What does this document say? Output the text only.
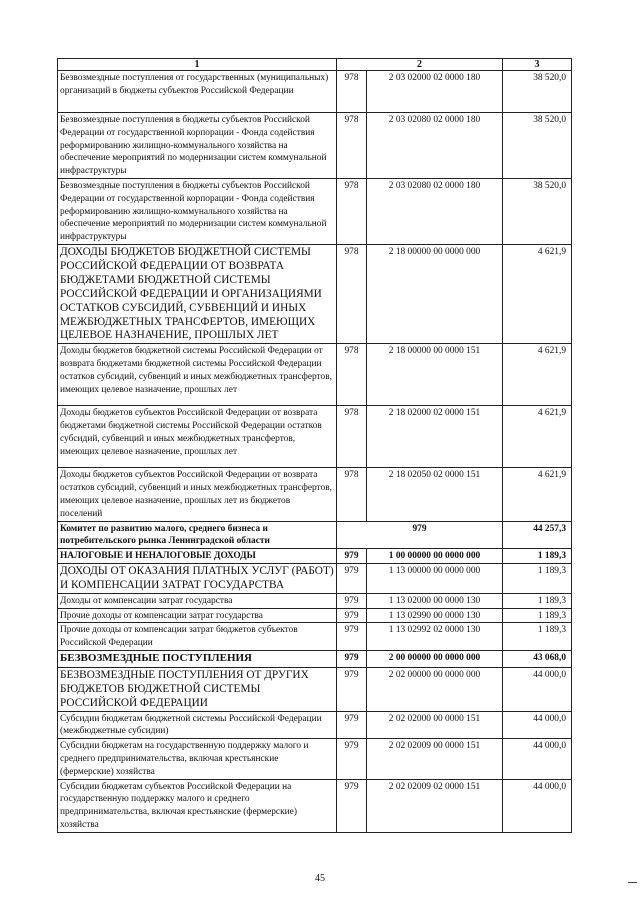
1	2		3
Безвозмездные поступления от государственных (муниципальных) организаций в бюджеты субъектов Российской Федерации	978	2 03 02000 02 0000 180	38 520,0
Безвозмездные поступления в бюджеты субъектов Российской Федерации от государственной корпорации - Фонда содействия реформированию жилищно-коммунального хозяйства на обеспечение мероприятий по модернизации систем коммунальной инфраструктуры	978	2 03 02080 02 0000 180	38 520,0
Безвозмездные поступления в бюджеты субъектов Российской Федерации от государственной корпорации - Фонда содействия реформированию жилищно-коммунального хозяйства на обеспечение мероприятий по модернизации систем коммунальной инфраструктуры	978	2 03 02080 02 0000 180	38 520,0
ДОХОДЫ БЮДЖЕТОВ БЮДЖЕТНОЙ СИСТЕМЫ РОССИЙСКОЙ ФЕДЕРАЦИИ ОТ ВОЗВРАТА БЮДЖЕТАМИ БЮДЖЕТНОЙ СИСТЕМЫ РОССИЙСКОЙ ФЕДЕРАЦИИ И ОРГАНИЗАЦИЯМИ ОСТАТКОВ СУБСИДИЙ, СУБВЕНЦИЙ И ИНЫХ МЕЖБЮДЖЕТНЫХ ТРАНСФЕРТОВ, ИМЕЮЩИХ ЦЕЛЕВОЕ НАЗНАЧЕНИЕ, ПРОШЛЫХ ЛЕТ	978	2 18 00000 00 0000 000	4 621,9
Доходы бюджетов бюджетной системы Российской Федерации от возврата бюджетами бюджетной системы Российской Федерации остатков субсидий, субвенций и иных межбюджетных трансфертов, имеющих целевое назначение, прошлых лет	978	2 18 00000 00 0000 151	4 621,9
Доходы бюджетов субъектов Российской Федерации от возврата бюджетами бюджетной системы Российской Федерации остатков субсидий, субвенций и иных межбюджетных трансфертов, имеющих целевое назначение, прошлых лет	978	2 18 02000 02 0000 151	4 621,9
Доходы бюджетов субъектов Российской Федерации от возврата остатков субсидий, субвенций и иных межбюджетных трансфертов, имеющих целевое назначение, прошлых лет из бюджетов поселений	978	2 18 02050 02 0000 151	4 621,9
Комитет по развитию малого, среднего бизнеса и потребительского рынка Ленинградской области	979		44 257,3
НАЛОГОВЫЕ И НЕНАЛОГОВЫЕ ДОХОДЫ	979	1 00 00000 00 0000 000	1 189,3
ДОХОДЫ ОТ ОКАЗАНИЯ ПЛАТНЫХ УСЛУГ (РАБОТ) И КОМПЕНСАЦИИ ЗАТРАТ ГОСУДАРСТВА	979	1 13 00000 00 0000 000	1 189,3
Доходы от компенсации затрат государства	979	1 13 02000 00 0000 130	1 189,3
Прочие доходы от компенсации затрат государства	979	1 13 02990 00 0000 130	1 189,3
Прочие доходы от компенсации затрат бюджетов субъектов Российской Федерации	979	1 13 02992 02 0000 130	1 189,3
БЕЗВОЗМЕЗДНЫЕ ПОСТУПЛЕНИЯ	979	2 00 00000 00 0000 000	43 068,0
БЕЗВОЗМЕЗДНЫЕ ПОСТУПЛЕНИЯ ОТ ДРУГИХ БЮДЖЕТОВ БЮДЖЕТНОЙ СИСТЕМЫ РОССИЙСКОЙ ФЕДЕРАЦИИ	979	2 02 00000 00 0000 000	44 000,0
Субсидии бюджетам бюджетной системы Российской Федерации (межбюджетные субсидии)	979	2 02 02000 00 0000 151	44 000,0
Субсидии бюджетам на государственную поддержку малого и среднего предпринимательства, включая крестьянские (фермерские) хозяйства	979	2 02 02009 00 0000 151	44 000,0
Субсидии бюджетам субъектов Российской Федерации на государственную поддержку малого и среднего предпринимательства, включая крестьянские (фермерские) хозяйства	979	2 02 02009 02 0000 151	44 000,0
45
